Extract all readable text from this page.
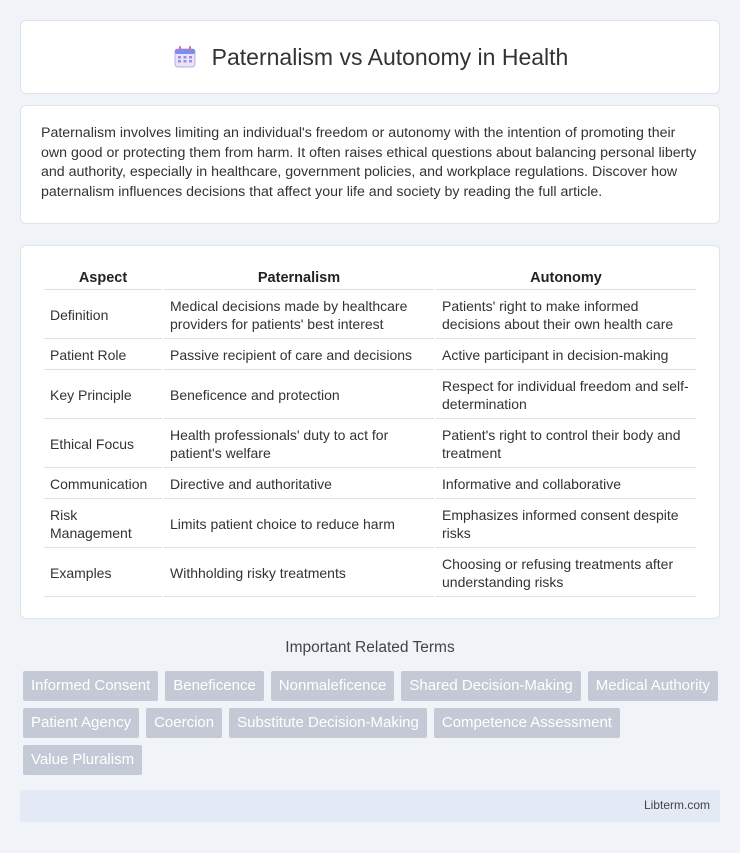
Paternalism vs Autonomy in Health

Paternalism involves limiting an individual's freedom or autonomy with the intention of promoting their own good or protecting them from harm. It often raises ethical questions about balancing personal liberty and authority, especially in healthcare, government policies, and workplace regulations. Discover how paternalism influences decisions that affect your life and society by reading the full article.

Aspect	Paternalism	Autonomy
Definition	Medical decisions made by healthcare providers for patients' best interest	Patients' right to make informed decisions about their own health care
Patient Role	Passive recipient of care and decisions	Active participant in decision-making
Key Principle	Beneficence and protection	Respect for individual freedom and self-determination
Ethical Focus	Health professionals' duty to act for patient's welfare	Patient's right to control their body and treatment
Communication	Directive and authoritative	Informative and collaborative
Risk Management	Limits patient choice to reduce harm	Emphasizes informed consent despite risks
Examples	Withholding risky treatments	Choosing or refusing treatments after understanding risks
Important Related Terms
Informed Consent	Beneficence	Nonmaleficence	Shared Decision-Making	Medical Authority
Patient Agency	Coercion	Substitute Decision-Making	Competence Assessment
Value Pluralism
Libterm.com
